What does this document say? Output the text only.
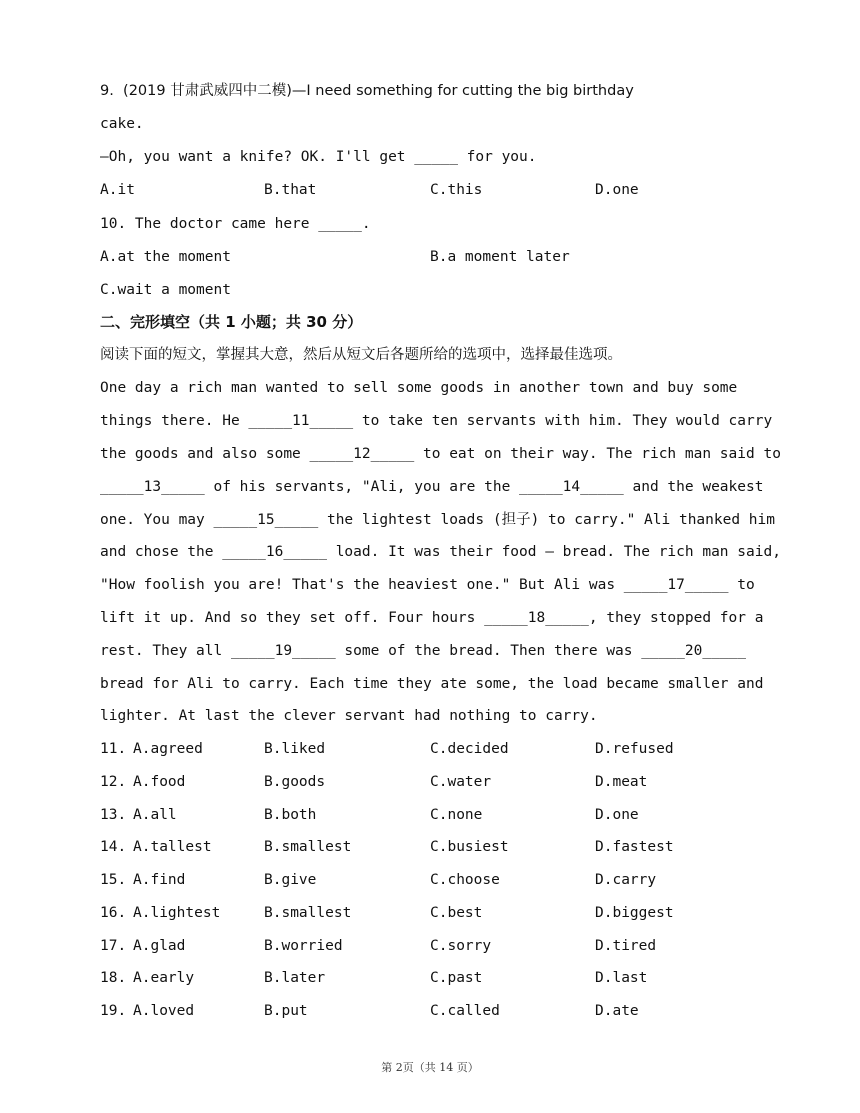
9.  (2019 甘肃武威四中二模)—I need something for cutting the big birthday
cake.
—Oh, you want a knife? OK. I'll get _____ for you.
A.it	B.that	C.this	D.one
10. The doctor came here _____.
A.at the moment	B.a moment later
C.wait a moment
二、完形填空（共 1 小题；共 30 分）
阅读下面的短文，掌握其大意，然后从短文后各题所给的选项中，选择最佳选项。
One day a rich man wanted to sell some goods in another town and buy some
things there. He _____11_____ to take ten servants with him. They would carry
the goods and also some _____12_____ to eat on their way. The rich man said to
_____13_____ of his servants, "Ali, you are the _____14_____ and the weakest
one. You may _____15_____ the lightest loads (担子) to carry." Ali thanked him
and chose the _____16_____ load. It was their food — bread. The rich man said,
"How foolish you are! That's the heaviest one." But Ali was _____17_____ to
lift it up. And so they set off. Four hours _____18_____, they stopped for a
rest. They all _____19_____ some of the bread. Then there was _____20_____
bread for Ali to carry. Each time they ate some, the load became smaller and
lighter. At last the clever servant had nothing to carry.
11. A.agreed	B.liked	C.decided	D.refused
12. A.food	B.goods	C.water	D.meat
13. A.all	B.both	C.none	D.one
14. A.tallest	B.smallest	C.busiest	D.fastest
15. A.find	B.give	C.choose	D.carry
16. A.lightest	B.smallest	C.best	D.biggest
17. A.glad	B.worried	C.sorry	D.tired
18. A.early	B.later	C.past	D.last
19. A.loved	B.put	C.called	D.ate
第 2页（共 14 页）
